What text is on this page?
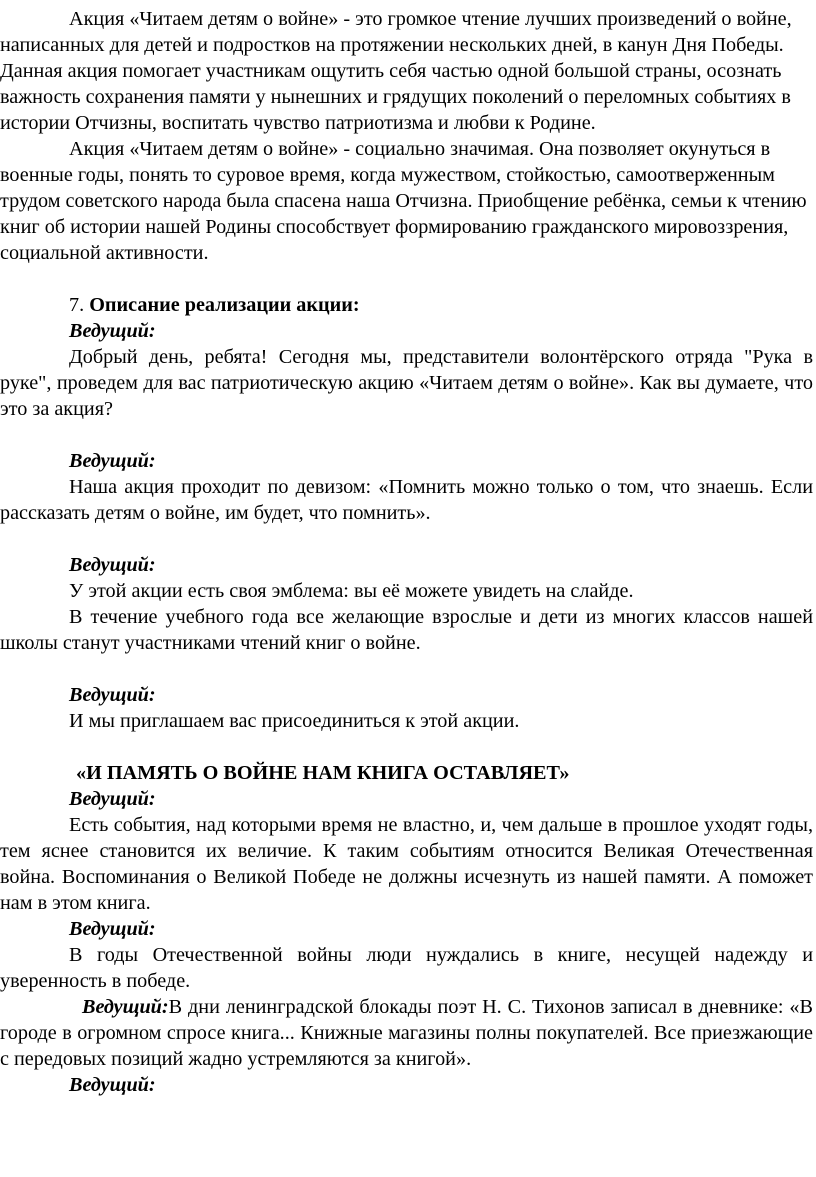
Акция «Читаем детям о войне» - это громкое чтение лучших произведений о войне, написанных для детей и подростков на протяжении нескольких дней, в канун Дня Победы. Данная акция помогает участникам ощутить себя частью одной большой страны, осознать важность сохранения памяти у нынешних и грядущих поколений о переломных событиях в истории Отчизны, воспитать чувство патриотизма и любви к Родине.

Акция «Читаем детям о войне» - социально значимая. Она позволяет окунуться в военные годы, понять то суровое время, когда мужеством, стойкостью, самоотверженным трудом советского народа была спасена наша Отчизна. Приобщение ребёнка, семьи к чтению книг об истории нашей Родины способствует формированию гражданского мировоззрения, социальной активности.

7. Описание реализации акции:

Ведущий:

Добрый день, ребята! Сегодня мы, представители волонтёрского отряда "Рука в руке", проведем для вас патриотическую акцию «Читаем детям о войне». Как вы думаете, что это за акция?

Ведущий:

Наша акция проходит по девизом: «Помнить можно только о том, что знаешь. Если рассказать детям о войне, им будет, что помнить».

Ведущий:

У этой акции есть своя эмблема: вы её можете увидеть на слайде.

В течение учебного года все желающие взрослые и дети из многих классов нашей школы станут участниками чтений книг о войне.

Ведущий:

И мы приглашаем вас присоединиться к этой акции.

«И ПАМЯТЬ О ВОЙНЕ НАМ КНИГА ОСТАВЛЯЕТ»

Ведущий:

Есть события, над которыми время не властно, и, чем дальше в прошлое уходят годы, тем яснее становится их величие. К таким событиям относится Великая Отечественная война. Воспоминания о Великой Победе не должны исчезнуть из нашей памяти. А поможет нам в этом книга.

Ведущий:

В годы Отечественной войны люди нуждались в книге, несущей надежду и уверенность в победе.

Ведущий:В дни ленинградской блокады поэт Н. С. Тихонов записал в дневнике: «В городе в огромном спросе книга... Книжные магазины полны покупателей. Все приезжающие с передовых позиций жадно устремляются за книгой».

Ведущий:
